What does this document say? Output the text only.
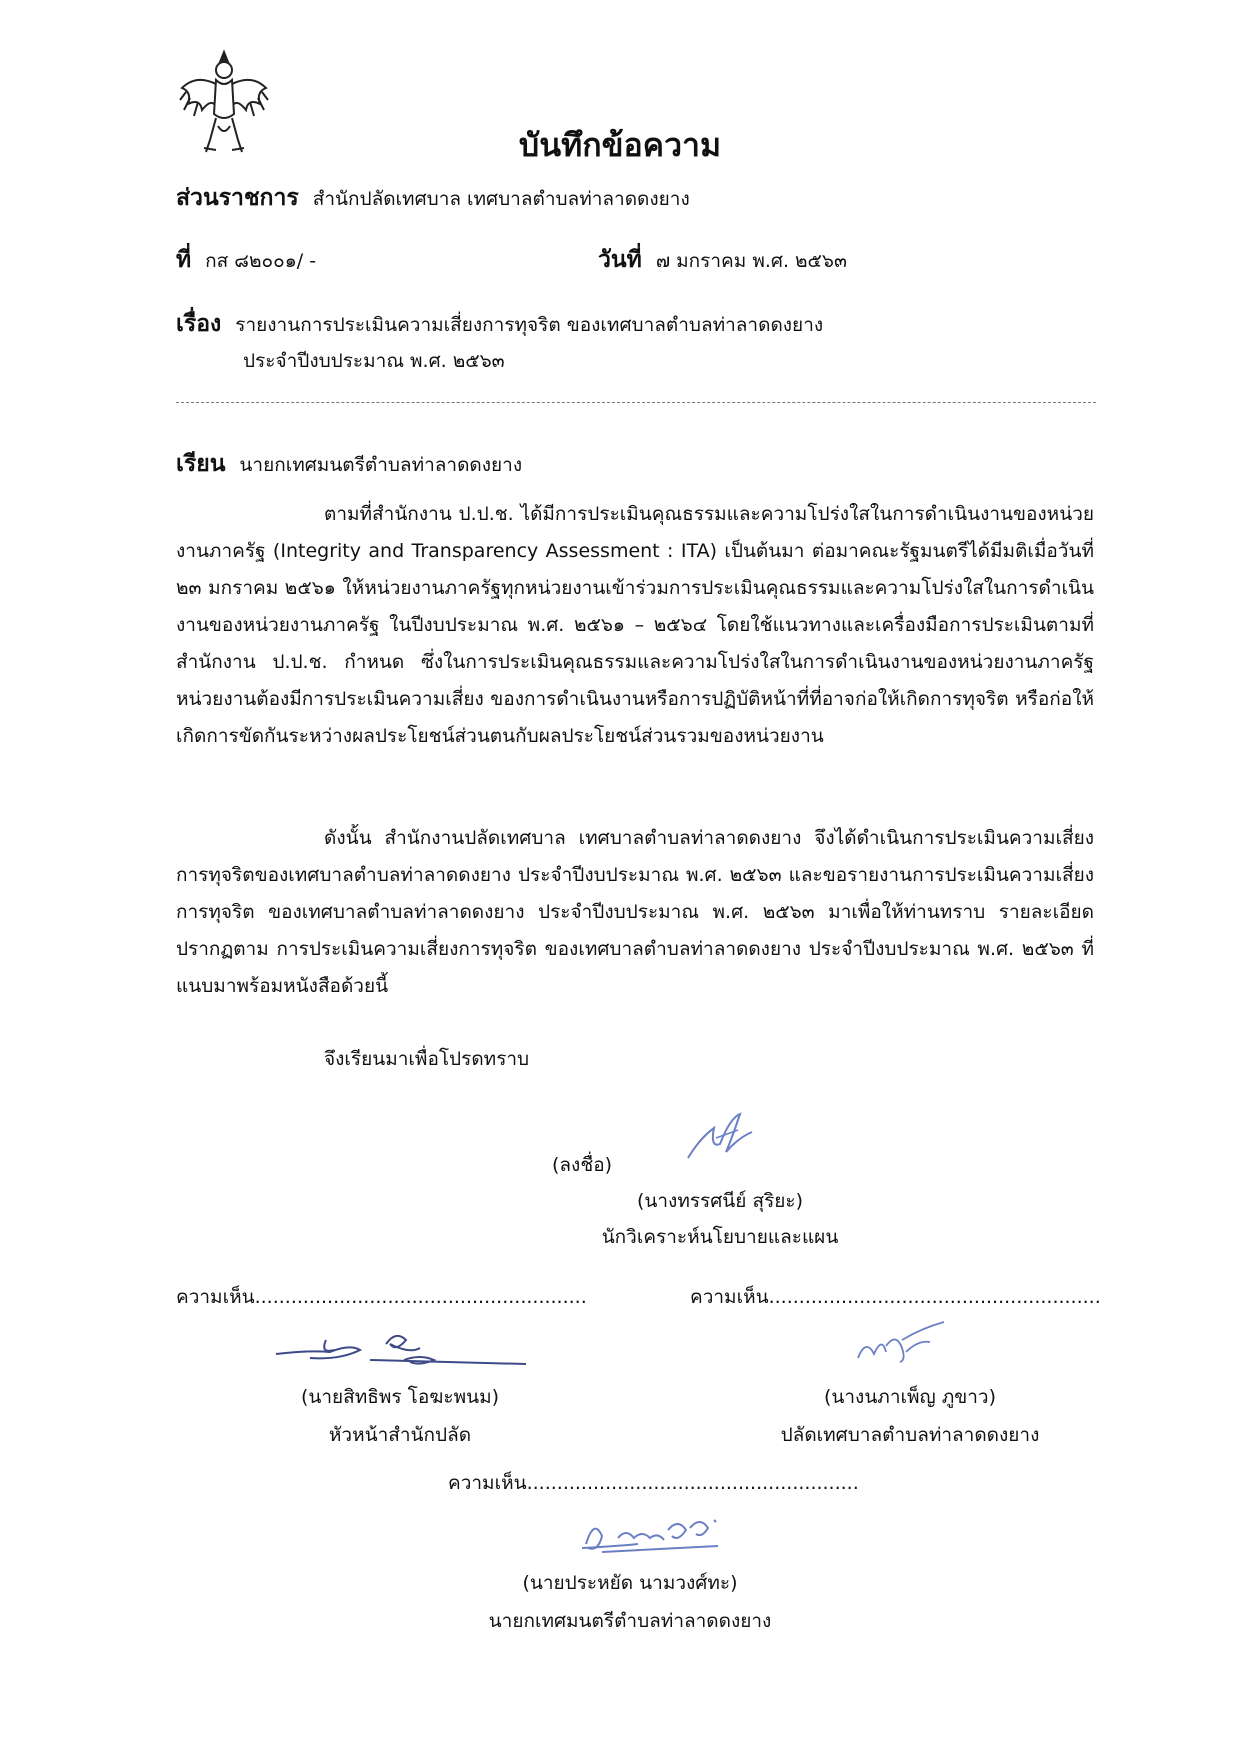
บันทึกข้อความ
ส่วนราชการ สำนักปลัดเทศบาล เทศบาลตำบลท่าลาดดงยาง
ที่ กส ๘๒๐๐๑/ -	วันที่ ๗ มกราคม พ.ศ. ๒๕๖๓
เรื่อง รายงานการประเมินความเสี่ยงการทุจริต ของเทศบาลตำบลท่าลาดดงยาง
ประจำปีงบประมาณ พ.ศ. ๒๕๖๓
เรียน นายกเทศมนตรีตำบลท่าลาดดงยาง
ตามที่สำนักงาน ป.ป.ช. ได้มีการประเมินคุณธรรมและความโปร่งใสในการดำเนินงานของหน่วยงานภาครัฐ (Integrity and Transparency Assessment : ITA) เป็นต้นมา ต่อมาคณะรัฐมนตรีได้มีมติเมื่อวันที่ ๒๓ มกราคม ๒๕๖๑ ให้หน่วยงานภาครัฐทุกหน่วยงานเข้าร่วมการประเมินคุณธรรมและความโปร่งใสในการดำเนินงานของหน่วยงานภาครัฐ ในปีงบประมาณ พ.ศ. ๒๕๖๑ – ๒๕๖๔ โดยใช้แนวทางและเครื่องมือการประเมินตามที่สำนักงาน ป.ป.ช. กำหนด ซึ่งในการประเมินคุณธรรมและความโปร่งใสในการดำเนินงานของหน่วยงานภาครัฐ หน่วยงานต้องมีการประเมินความเสี่ยง ของการดำเนินงานหรือการปฏิบัติหน้าที่ที่อาจก่อให้เกิดการทุจริต หรือก่อให้เกิดการขัดกันระหว่างผลประโยชน์ส่วนตนกับผลประโยชน์ส่วนรวมของหน่วยงาน
ดังนั้น สำนักงานปลัดเทศบาล เทศบาลตำบลท่าลาดดงยาง จึงได้ดำเนินการประเมินความเสี่ยงการทุจริตของเทศบาลตำบลท่าลาดดงยาง ประจำปีงบประมาณ พ.ศ. ๒๕๖๓ และขอรายงานการประเมินความเสี่ยงการทุจริต ของเทศบาลตำบลท่าลาดดงยาง ประจำปีงบประมาณ พ.ศ. ๒๕๖๓ มาเพื่อให้ท่านทราบ รายละเอียดปรากฏตาม การประเมินความเสี่ยงการทุจริต ของเทศบาลตำบลท่าลาดดงยาง ประจำปีงบประมาณ พ.ศ. ๒๕๖๓ ที่แนบมาพร้อมหนังสือด้วยนี้
จึงเรียนมาเพื่อโปรดทราบ
(ลงชื่อ)
(นางทรรศนีย์ สุริยะ)
นักวิเคราะห์นโยบายและแผน
ความเห็น.......................................................	ความเห็น.......................................................
(นายสิทธิพร โอฆะพนม)
หัวหน้าสำนักปลัด
(นางนภาเพ็ญ ภูขาว)
ปลัดเทศบาลตำบลท่าลาดดงยาง
ความเห็น.......................................................
(นายประหยัด นามวงศ์ทะ)
นายกเทศมนตรีตำบลท่าลาดดงยาง
